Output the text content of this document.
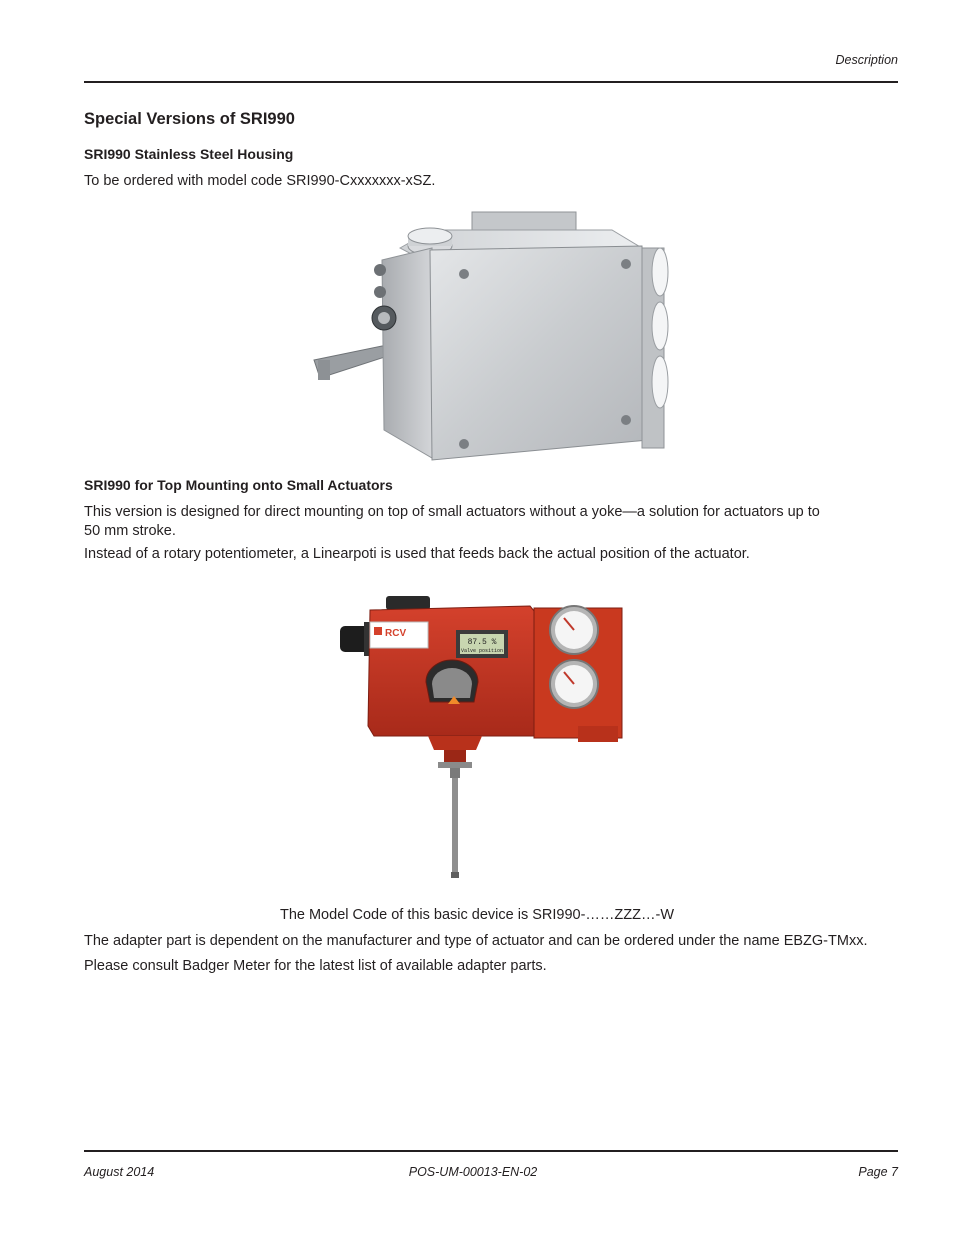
Description
Special Versions of SRI990
SRI990 Stainless Steel Housing
To be ordered with model code SRI990-Cxxxxxxx-xSZ.
SRI990 for Top Mounting onto Small Actuators
This version is designed for direct mounting on top of small actuators without a yoke—a solution for actuators up to
50 mm stroke.
Instead of a rotary potentiometer, a Linearpoti is used that feeds back the actual position of the actuator.
RCV
87.5 %
Valve position
The Model Code of this basic device is SRI990-……ZZZ…-W
The adapter part is dependent on the manufacturer and type of actuator and can be ordered under the name EBZG-TMxx.
Please consult Badger Meter for the latest list of available adapter parts.
August 2014	POS-UM-00013-EN-02	Page 7
